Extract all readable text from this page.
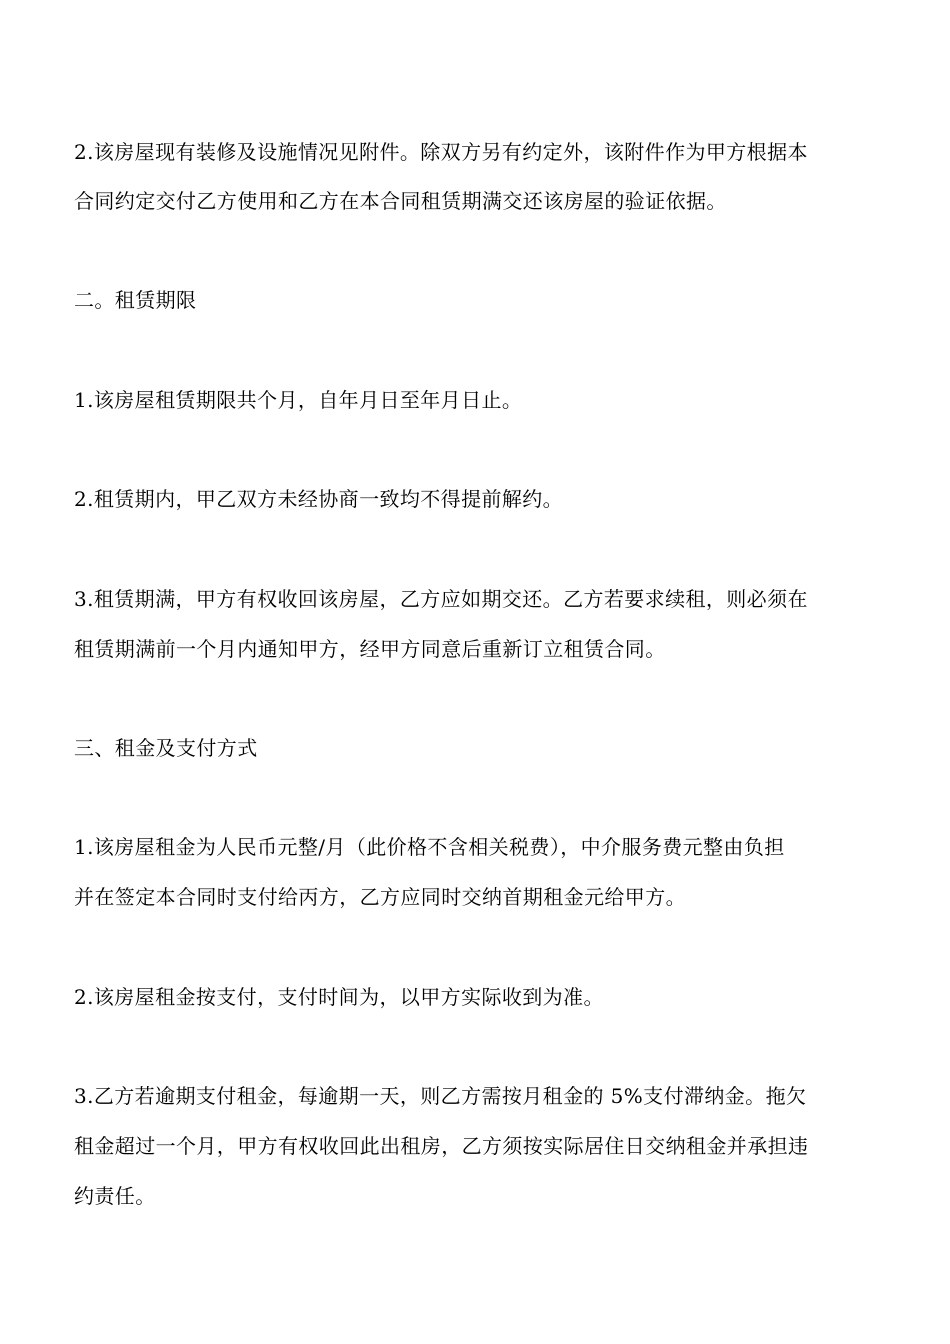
2.该房屋现有装修及设施情况见附件。除双方另有约定外，该附件作为甲方根据本
合同约定交付乙方使用和乙方在本合同租赁期满交还该房屋的验证依据。
二。租赁期限
1.该房屋租赁期限共个月，自年月日至年月日止。
2.租赁期内，甲乙双方未经协商一致均不得提前解约。
3.租赁期满，甲方有权收回该房屋，乙方应如期交还。乙方若要求续租，则必须在
租赁期满前一个月内通知甲方，经甲方同意后重新订立租赁合同。
三、租金及支付方式
1.该房屋租金为人民币元整/月（此价格不含相关税费），中介服务费元整由负担
并在签定本合同时支付给丙方，乙方应同时交纳首期租金元给甲方。
2.该房屋租金按支付，支付时间为，以甲方实际收到为准。
3.乙方若逾期支付租金，每逾期一天，则乙方需按月租金的 5%支付滞纳金。拖欠
租金超过一个月，甲方有权收回此出租房，乙方须按实际居住日交纳租金并承担违
约责任。
